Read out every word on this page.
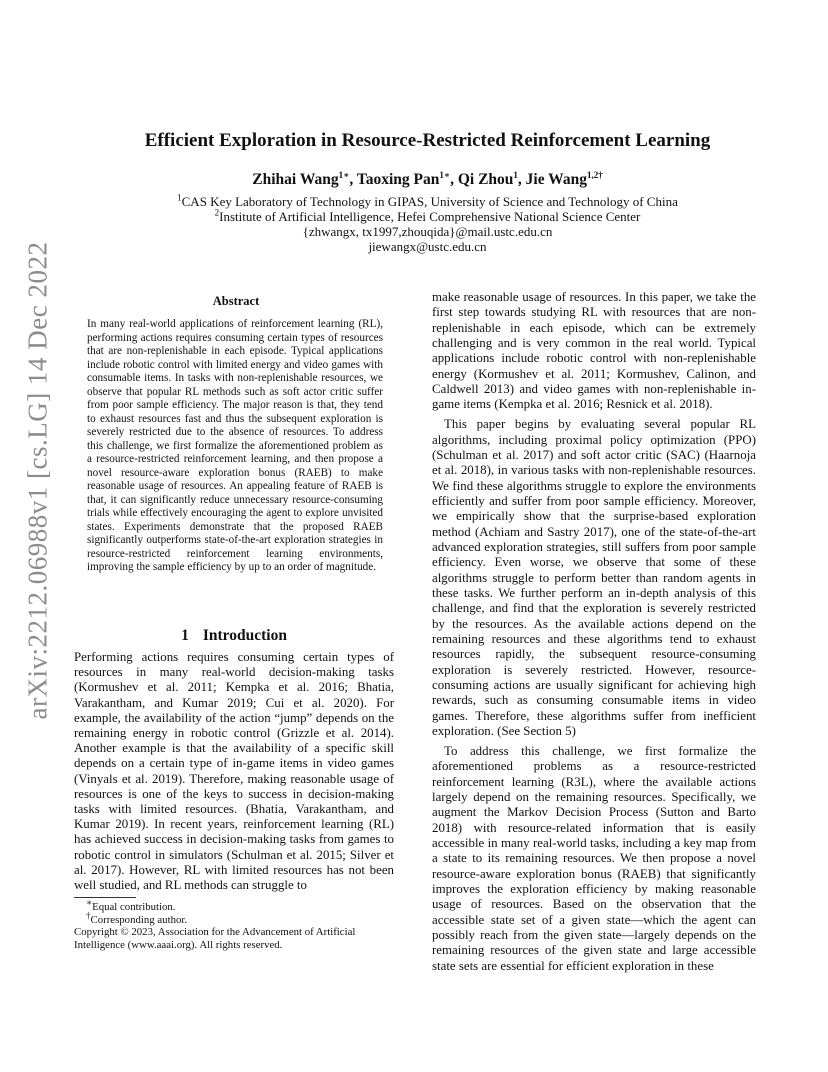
arXiv:2212.06988v1 [cs.LG] 14 Dec 2022
Efficient Exploration in Resource-Restricted Reinforcement Learning
Zhihai Wang$^{1∗}$, Taoxing Pan$^{1∗}$, Qi Zhou$^1$, Jie Wang$^{1,2\dagger}$
$^1$CAS Key Laboratory of Technology in GIPAS, University of Science and Technology of China
$^2$Institute of Artificial Intelligence, Hefei Comprehensive National Science Center
{zhwangx, tx1997,zhouqida}@mail.ustc.edu.cn
jiewangx@ustc.edu.cn
Abstract

In many real-world applications of reinforcement learning (RL), performing actions requires consuming certain types of resources that are non-replenishable in each episode. Typical applications include robotic control with limited energy and video games with consumable items. In tasks with non-replenishable resources, we observe that popular RL methods such as soft actor critic suffer from poor sample efficiency. The major reason is that, they tend to exhaust resources fast and thus the subsequent exploration is severely restricted due to the absence of resources. To address this challenge, we first formalize the aforementioned problem as a resource-restricted reinforcement learning, and then propose a novel resource-aware exploration bonus (RAEB) to make reasonable usage of resources. An appealing feature of RAEB is that, it can significantly reduce unnecessary resource-consuming trials while effectively encouraging the agent to explore unvisited states. Experiments demonstrate that the proposed RAEB significantly outperforms state-of-the-art exploration strategies in resource-restricted reinforcement learning environments, improving the sample efficiency by up to an order of magnitude.

1 Introduction

Performing actions requires consuming certain types of resources in many real-world decision-making tasks (Kormushev et al. 2011; Kempka et al. 2016; Bhatia, Varakantham, and Kumar 2019; Cui et al. 2020). For example, the availability of the action “jump” depends on the remaining energy in robotic control (Grizzle et al. 2014). Another example is that the availability of a specific skill depends on a certain type of in-game items in video games (Vinyals et al. 2019). Therefore, making reasonable usage of resources is one of the keys to success in decision-making tasks with limited resources. (Bhatia, Varakantham, and Kumar 2019). In recent years, reinforcement learning (RL) has achieved success in decision-making tasks from games to robotic control in simulators (Schulman et al. 2015; Silver et al. 2017). However, RL with limited resources has not been well studied, and RL methods can struggle to

∗Equal contribution.
†Corresponding author.
Copyright © 2023, Association for the Advancement of Artificial Intelligence (www.aaai.org). All rights reserved.

make reasonable usage of resources. In this paper, we take the first step towards studying RL with resources that are non-replenishable in each episode, which can be extremely challenging and is very common in the real world. Typical applications include robotic control with non-replenishable energy (Kormushev et al. 2011; Kormushev, Calinon, and Caldwell 2013) and video games with non-replenishable in-game items (Kempka et al. 2016; Resnick et al. 2018).

This paper begins by evaluating several popular RL algorithms, including proximal policy optimization (PPO) (Schulman et al. 2017) and soft actor critic (SAC) (Haarnoja et al. 2018), in various tasks with non-replenishable resources. We find these algorithms struggle to explore the environments efficiently and suffer from poor sample efficiency. Moreover, we empirically show that the surprise-based exploration method (Achiam and Sastry 2017), one of the state-of-the-art advanced exploration strategies, still suffers from poor sample efficiency. Even worse, we observe that some of these algorithms struggle to perform better than random agents in these tasks. We further perform an in-depth analysis of this challenge, and find that the exploration is severely restricted by the resources. As the available actions depend on the remaining resources and these algorithms tend to exhaust resources rapidly, the subsequent resource-consuming exploration is severely restricted. However, resource-consuming actions are usually significant for achieving high rewards, such as consuming consumable items in video games. Therefore, these algorithms suffer from inefficient exploration. (See Section 5)

To address this challenge, we first formalize the aforementioned problems as a resource-restricted reinforcement learning (R3L), where the available actions largely depend on the remaining resources. Specifically, we augment the Markov Decision Process (Sutton and Barto 2018) with resource-related information that is easily accessible in many real-world tasks, including a key map from a state to its remaining resources. We then propose a novel resource-aware exploration bonus (RAEB) that significantly improves the exploration efficiency by making reasonable usage of resources. Based on the observation that the accessible state set of a given state—which the agent can possibly reach from the given state—largely depends on the remaining resources of the given state and large accessible state sets are essential for efficient exploration in these
